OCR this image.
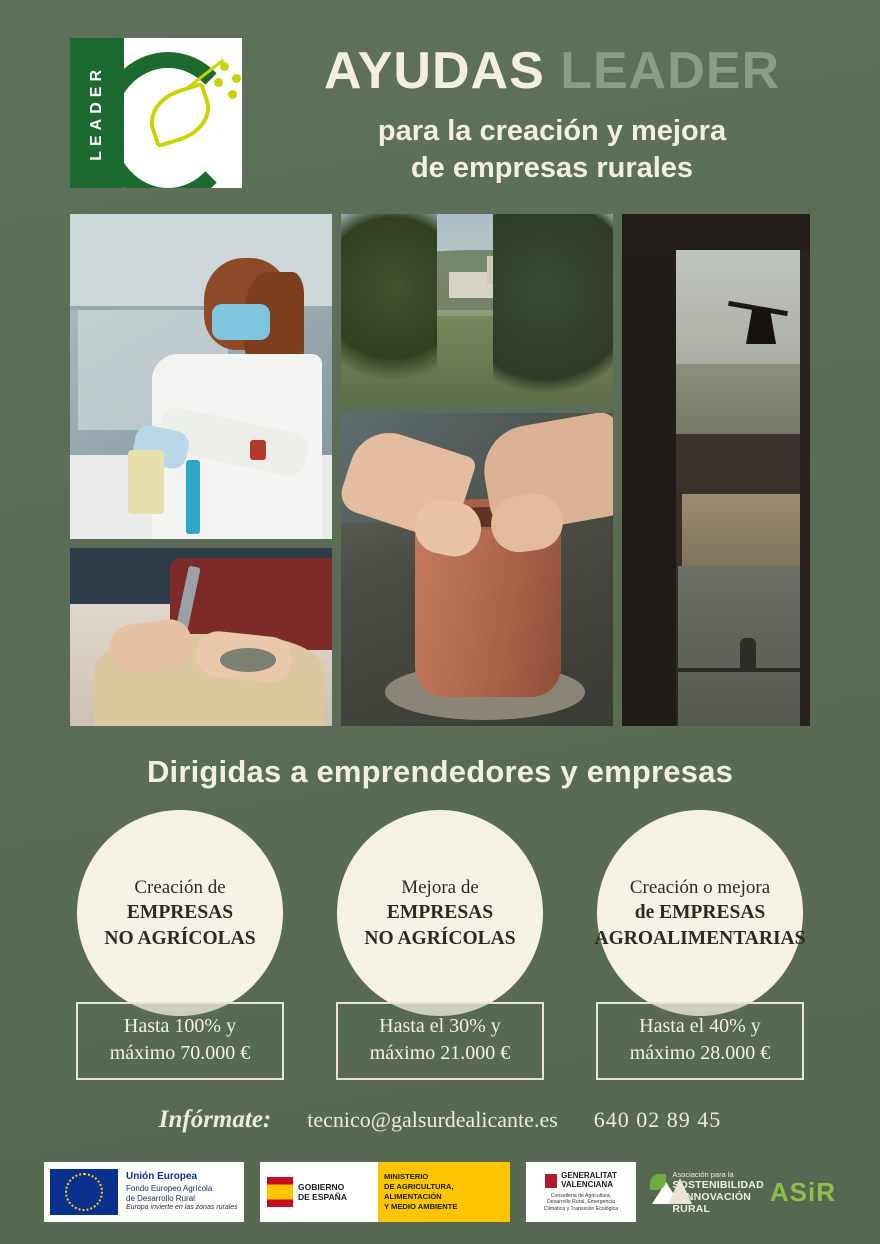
LEADER	AYUDAS LEADER
para la creación y mejora
de empresas rurales
Dirigidas a emprendedores y empresas
Creación de
EMPRESAS
NO AGRÍCOLAS
Hasta 100% y
máximo 70.000 €
Mejora de
EMPRESAS
NO AGRÍCOLAS
Hasta el 30% y
máximo 21.000 €
Creación o mejora
de EMPRESAS
AGROALIMENTARIAS
Hasta el 40% y
máximo 28.000 €
Infórmate: tecnico@galsurdealicante.es 640 02 89 45
Unión Europea
Fondo Europeo Agrícola
de Desarrollo Rural
Europa invierte en las zonas rurales
GOBIERNO
DE ESPAÑA
MINISTERIO
DE AGRICULTURA, ALIMENTACIÓN
Y MEDIO AMBIENTE
GENERALITAT
VALENCIANA
Conselleria de Agricultura,
Desarrollo Rural, Emergencia
Climática y Transición Ecológica
Asociación para la
SOSTENIBILIDAD E INNOVACIÓN RURAL
ASiR
